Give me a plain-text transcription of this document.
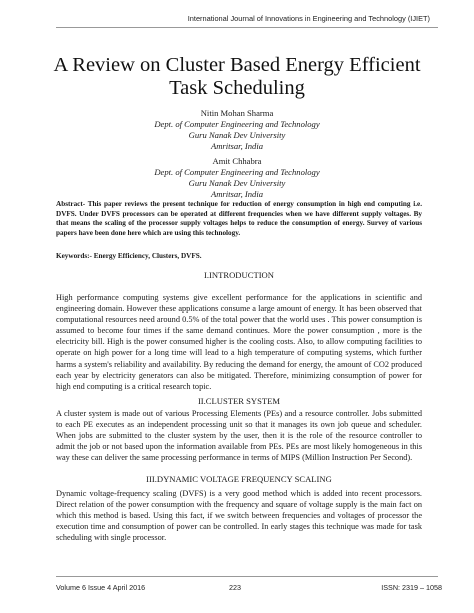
International Journal of Innovations in Engineering and Technology (IJIET)
A Review on Cluster Based Energy Efficient
Task Scheduling
Nitin Mohan Sharma
Dept. of Computer Engineering and Technology
Guru Nanak Dev University
Amritsar, India
Amit Chhabra
Dept. of Computer Engineering and Technology
Guru Nanak Dev University
Amritsar, India
Abstract- This paper reviews the present technique for reduction of energy consumption in high end computing i.e. DVFS. Under DVFS processors can be operated at different frequencies when we have different supply voltages. By that means the scaling of the processor supply voltages helps to reduce the consumption of energy. Survey of various papers have been done here which are using this technology.
Keywords:- Energy Efficiency, Clusters, DVFS.
I.INTRODUCTION
High performance computing systems give excellent performance for the applications in scientific and engineering domain. However these applications consume a large amount of energy. It has been observed that computational resources need around 0.5% of the total power that the world uses . This power consumption is assumed to become four times if the same demand continues. More the power consumption , more is the electricity bill. High is the power consumed higher is the cooling costs. Also, to allow computing facilities to operate on high power for a long time will lead to a high temperature of computing systems, which further harms a system's reliability and availability. By reducing the demand for energy, the amount of CO2 produced each year by electricity generators can also be mitigated. Therefore, minimizing consumption of power for high end computing is a critical research topic.
II.CLUSTER SYSTEM
A cluster system is made out of various Processing Elements (PEs) and a resource controller. Jobs submitted to each PE executes as an independent processing unit so that it manages its own job queue and scheduler. When jobs are submitted to the cluster system by the user, then it is the role of the resource controller to admit the job or not based upon the information available from PEs. PEs are most likely homogeneous in this way these can deliver the same processing performance in terms of MIPS (Million Instruction Per Second).
III.DYNAMIC VOLTAGE FREQUENCY SCALING
Dynamic voltage-frequency scaling (DVFS) is a very good method which is added into recent processors. Direct relation of the power consumption with the frequency and square of voltage supply is the main fact on which this method is based. Using this fact, if we switch between frequencies and voltages of processor the execution time and consumption of power can be controlled. In early stages this technique was made for task scheduling with single processor.
Volume 6 Issue 4 April 2016	223	ISSN: 2319 – 1058
